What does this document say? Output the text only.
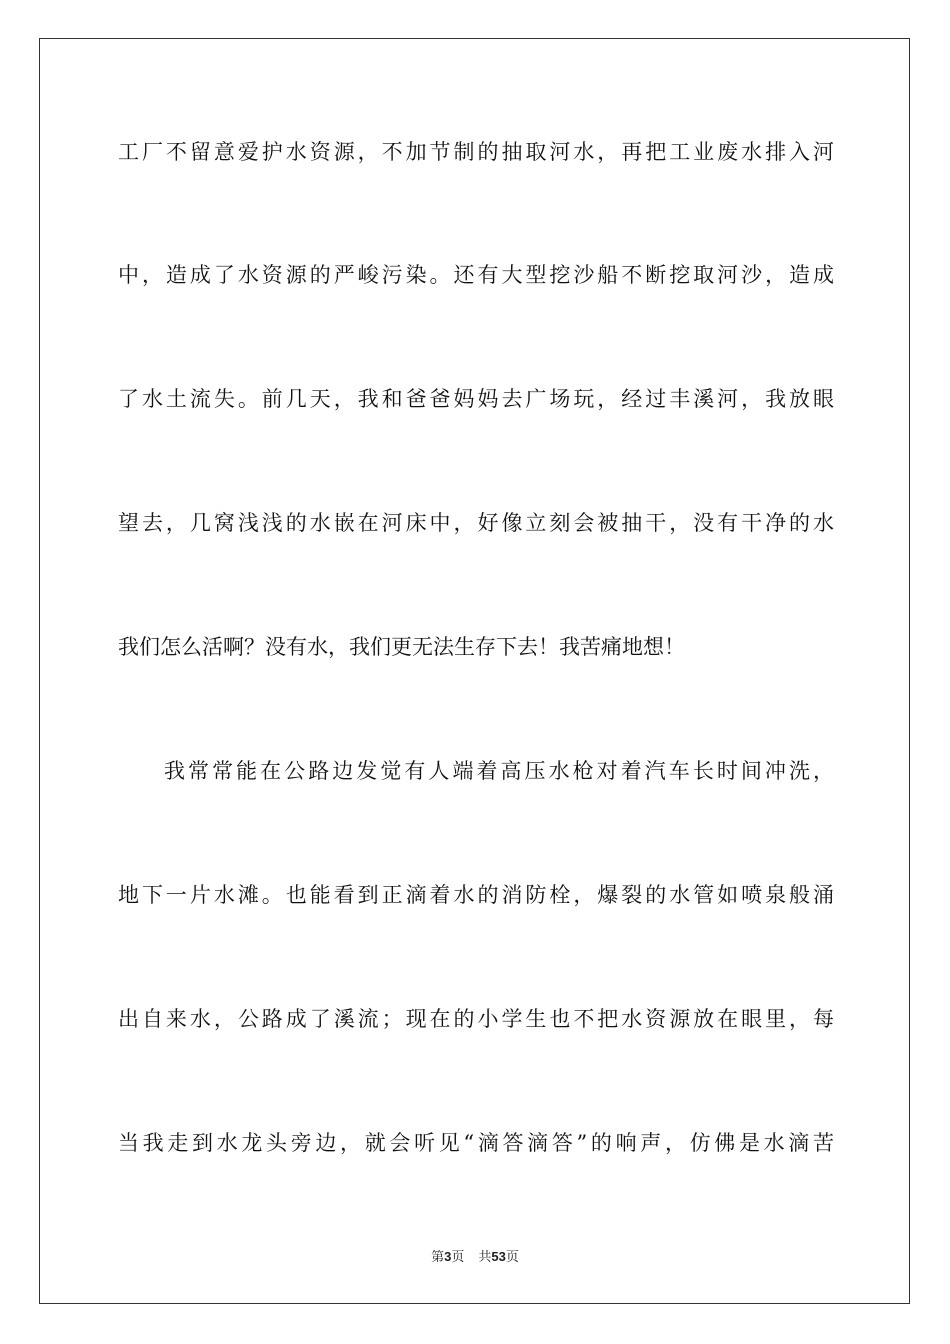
工厂不留意爱护水资源，不加节制的抽取河水，再把工业废水排入河
中，造成了水资源的严峻污染。还有大型挖沙船不断挖取河沙，造成
了水土流失。前几天，我和爸爸妈妈去广场玩，经过丰溪河，我放眼
望去，几窝浅浅的水嵌在河床中，好像立刻会被抽干，没有干净的水
我们怎么活啊？没有水，我们更无法生存下去！我苦痛地想！
我常常能在公路边发觉有人端着高压水枪对着汽车长时间冲洗，
地下一片水滩。也能看到正滴着水的消防栓，爆裂的水管如喷泉般涌
出自来水，公路成了溪流；现在的小学生也不把水资源放在眼里，每
当我走到水龙头旁边，就会听见“滴答滴答”的响声，仿佛是水滴苦
第3页 共53页
